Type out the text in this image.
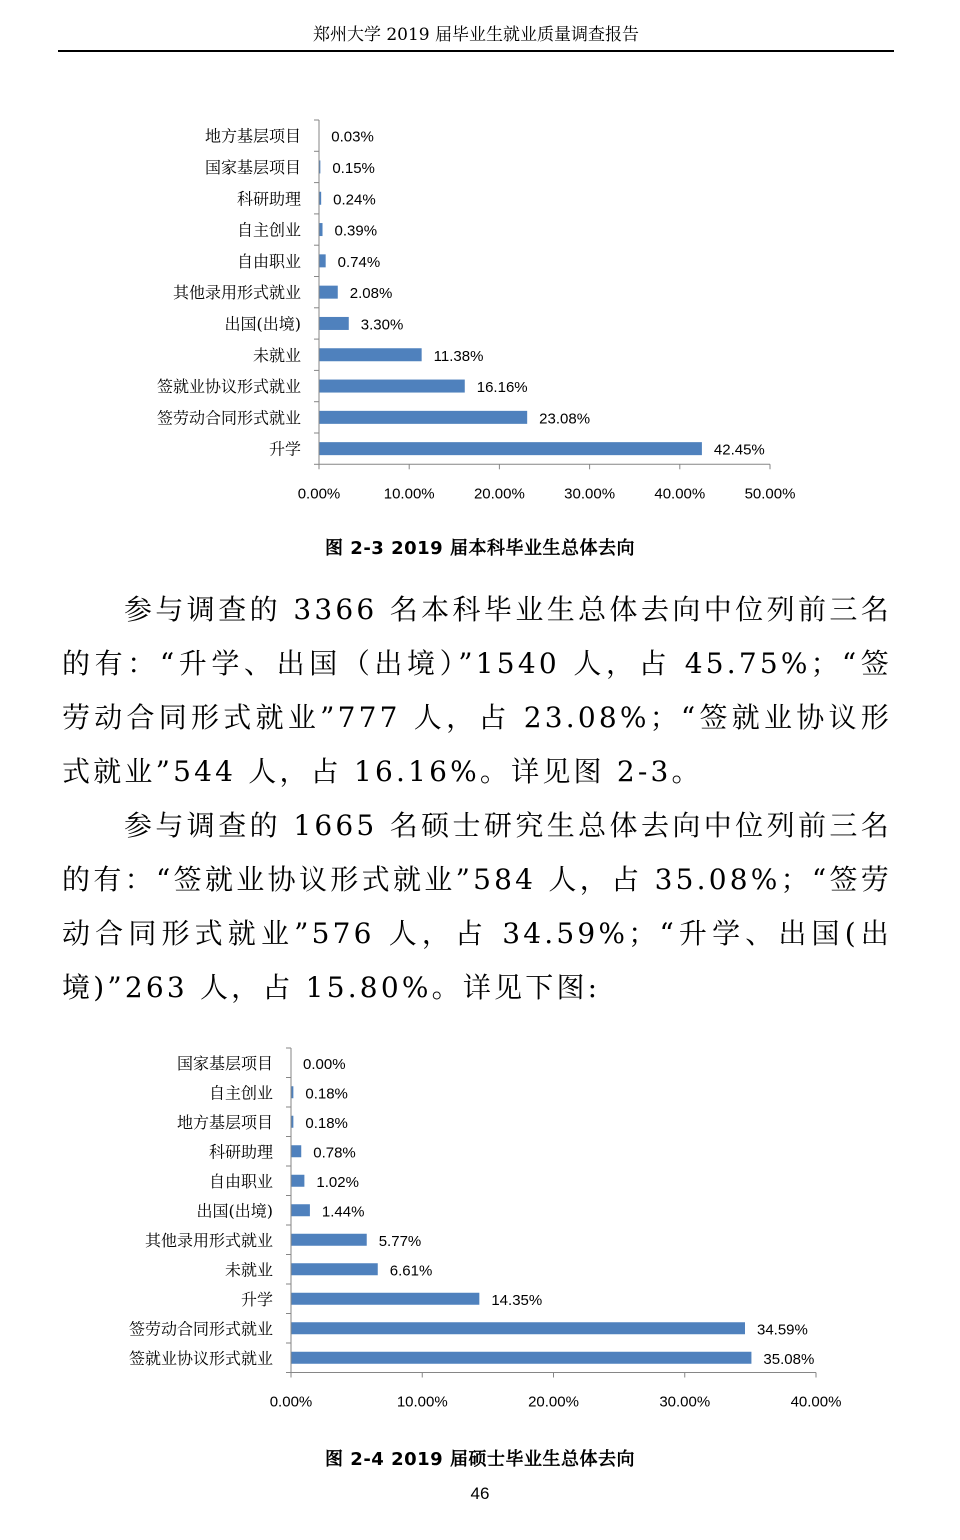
郑州大学 2019 届毕业生就业质量调查报告
0.00%	10.00%	20.00%	30.00%	40.00%	50.00%
地方基层项目 0.03%
国家基层项目 0.15%
科研助理 0.24%
自主创业 0.39%
自由职业 0.74%
其他录用形式就业	2.08%
出国(出境)	3.30%
未就业	11.38%
签就业协议形式就业	16.16%
签劳动合同形式就业	23.08%
升学	42.45%
图 2-3 2019 届本科毕业生总体去向

参与调查的 3366 名本科毕业生总体去向中位列前三名的有：“升学、出国（出境）”1540 人，占 45.75%；“签劳动合同形式就业”777 人，占 23.08%；“签就业协议形式就业”544 人，占 16.16%。详见图 2-3。

参与调查的 1665 名硕士研究生总体去向中位列前三名的有：“签就业协议形式就业”584 人，占 35.08%；“签劳动合同形式就业”576 人，占 34.59%；“升学、出国(出境)”263 人，占 15.80%。详见下图:

0.00%	10.00%	20.00%	30.00%	40.00%
国家基层项目 0.00%
自主创业 0.18%
地方基层项目 0.18%
科研助理	0.78%
自由职业	1.02%
出国(出境)	1.44%
其他录用形式就业	5.77%
未就业	6.61%
升学	14.35%
签劳动合同形式就业	34.59%
签就业协议形式就业	35.08%
图 2-4 2019 届硕士毕业生总体去向
46
